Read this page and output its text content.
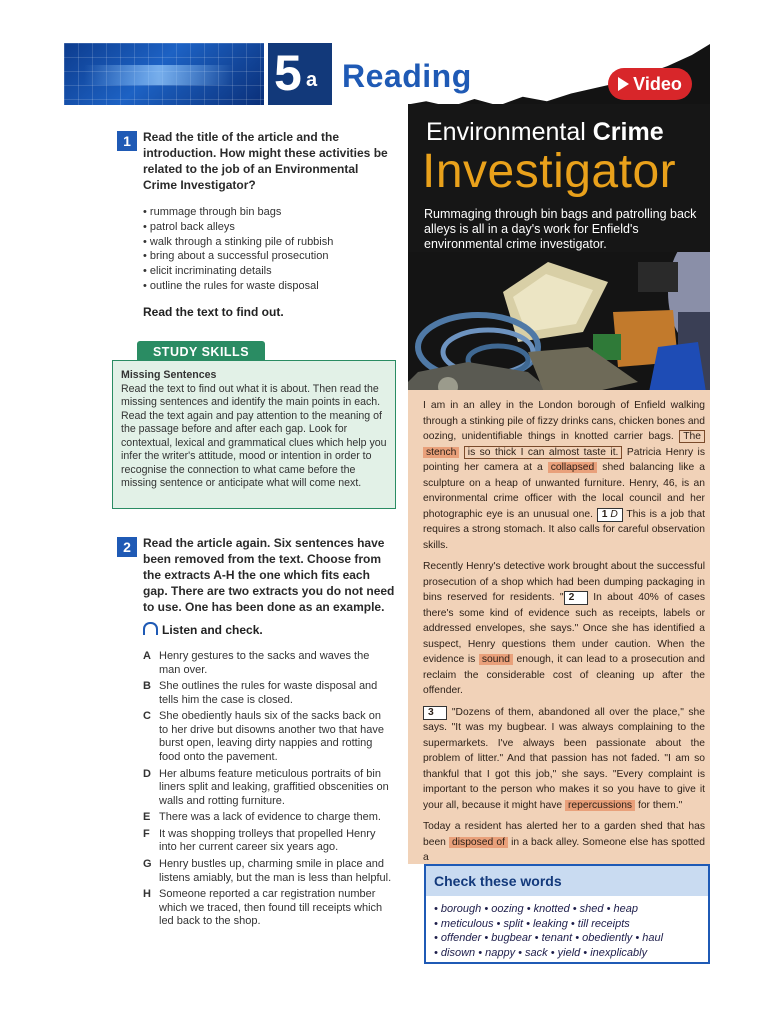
5 a Reading
1	Read the title of the article and the introduction. How might these activities be related to the job of an Environmental Crime Investigator?
• rummage through bin bags
• patrol back alleys
• walk through a stinking pile of rubbish
• bring about a successful prosecution
• elicit incriminating details
• outline the rules for waste disposal
Read the text to find out.
STUDY SKILLS
Missing Sentences
Read the text to find out what it is about. Then read the missing sentences and identify the main points in each. Read the text again and pay attention to the meaning of the passage before and after each gap. Look for contextual, lexical and grammatical clues which help you infer the writer's attitude, mood or intention in order to recognise the connection to what came before the missing sentence or anticipate what will come next.
2	Read the article again. Six sentences have been removed from the text. Choose from the extracts A-H the one which fits each gap. There are two extracts you do not need to use. One has been done as an example.
Listen and check.
A Henry gestures to the sacks and waves the man over.
B She outlines the rules for waste disposal and tells him the case is closed.
C She obediently hauls six of the sacks back on to her drive but disowns another two that have burst open, leaving dirty nappies and rotting food onto the pavement.
D Her albums feature meticulous portraits of bin liners split and leaking, graffitied obscenities on walls and rotting furniture.
E There was a lack of evidence to charge them.
F It was shopping trolleys that propelled Henry into her current career six years ago.
G Henry bustles up, charming smile in place and listens amiably, but the man is less than helpful.
H Someone reported a car registration number which we traced, then found till receipts which led back to the shop.
Video
Environmental Crime
Investigator
Rummaging through bin bags and patrolling back alleys is all in a day's work for Enfield's environmental crime investigator.

I am in an alley in the London borough of Enfield walking through a stinking pile of fizzy drinks cans, chicken bones and oozing, unidentifiable things in knotted carrier bags. The stench is so thick I can almost taste it. Patricia Henry is pointing her camera at a collapsed shed balancing like a sculpture on a heap of unwanted furniture. Henry, 46, is an environmental crime officer with the local council and her photographic eye is an unusual one. 1 D This is a job that requires a strong stomach. It also calls for careful observation skills.

Recently Henry's detective work brought about the successful prosecution of a shop which had been dumping packaging in bins reserved for residents. " 2 In about 40% of cases there's some kind of evidence such as receipts, labels or addressed envelopes, she says." Once she has identified a suspect, Henry questions them under caution. When the evidence is sound enough, it can lead to a prosecution and reclaim the considerable cost of cleaning up after the offender.

3 "Dozens of them, abandoned all over the place," she says. "It was my bugbear. I was always complaining to the supermarkets. I've always been passionate about the problem of litter." And that passion has not faded. "I am so thankful that I got this job," she says. "Every complaint is important to the person who makes it so you have to give it your all, because it might have repercussions for them."

Today a resident has alerted her to a garden shed that has been disposed of in a back alley. Someone else has spotted a

Check these words
• borough • oozing • knotted • shed • heap
• meticulous • split • leaking • till receipts
• offender • bugbear • tenant • obediently • haul
• disown • nappy • sack • yield • inexplicably
